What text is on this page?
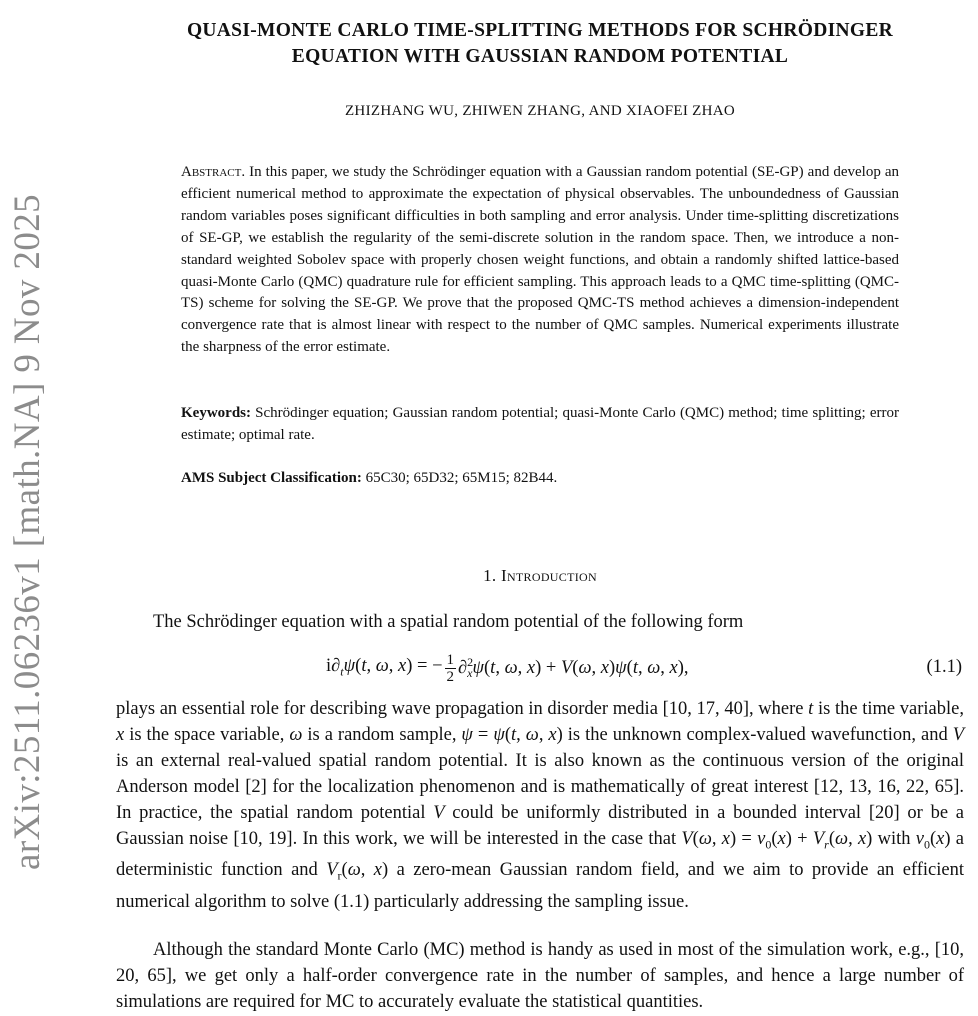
arXiv:2511.06236v1 [math.NA] 9 Nov 2025
QUASI-MONTE CARLO TIME-SPLITTING METHODS FOR SCHRÖDINGER
EQUATION WITH GAUSSIAN RANDOM POTENTIAL
ZHIZHANG WU, ZHIWEN ZHANG, AND XIAOFEI ZHAO
Abstract. In this paper, we study the Schrödinger equation with a Gaussian random potential (SE-GP) and develop an efficient numerical method to approximate the expectation of physical observables. The unboundedness of Gaussian random variables poses significant difficulties in both sampling and error analysis. Under time-splitting discretizations of SE-GP, we establish the regularity of the semi-discrete solution in the random space. Then, we introduce a non-standard weighted Sobolev space with properly chosen weight functions, and obtain a randomly shifted lattice-based quasi-Monte Carlo (QMC) quadrature rule for efficient sampling. This approach leads to a QMC time-splitting (QMC-TS) scheme for solving the SE-GP. We prove that the proposed QMC-TS method achieves a dimension-independent convergence rate that is almost linear with respect to the number of QMC samples. Numerical experiments illustrate the sharpness of the error estimate.
Keywords: Schrödinger equation; Gaussian random potential; quasi-Monte Carlo (QMC) method; time splitting; error estimate; optimal rate.
AMS Subject Classification: 65C30; 65D32; 65M15; 82B44.
1. Introduction
The Schrödinger equation with a spatial random potential of the following form
$i\partial_t\psi(t$, ω, x) = − $\frac{1}{2} \partial^2_x\psi(t$, ω, x) + V(ω, x)ψ(t, ω, x),	(1.1)
plays an essential role for describing wave propagation in disorder media [10, 17, 40], where t is the time variable, x is the space variable, ω is a random sample, ψ = ψ(t, ω, x) is the unknown complex-valued wavefunction, and V is an external real-valued spatial random potential. It is also known as the continuous version of the original Anderson model [2] for the localization phenomenon and is mathematically of great interest [12, 13, 16, 22, 65]. In practice, the spatial random potential V could be uniformly distributed in a bounded interval [20] or be a Gaussian noise [10, 19]. In this work, we will be interested in the case that V(ω, $x) = v_0(x) + V_r(\omega$, x) with $v_0(x)$ a deterministic function and $V_r(\omega$, x) a zero-mean Gaussian random field, and we aim to provide an efficient numerical algorithm to solve (1.1) particularly addressing the sampling issue.
Although the standard Monte Carlo (MC) method is handy as used in most of the simulation work, e.g., [10, 20, 65], we get only a half-order convergence rate in the number of samples, and hence a large number of simulations are required for MC to accurately evaluate the statistical quantities.
